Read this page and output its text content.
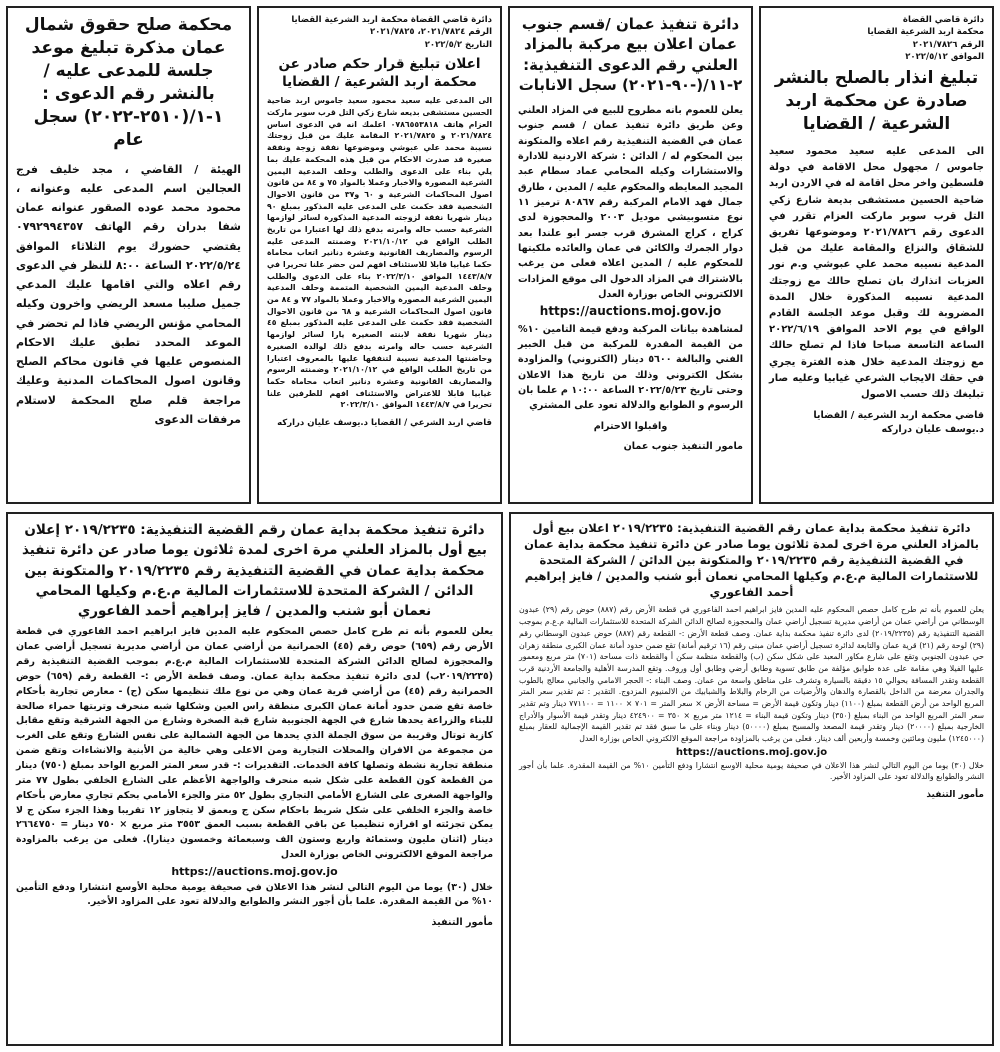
دائرة قاضي القضاة
محكمة اربد الشرعية القضايا
الرقم ٢٠٢١/٧٨٢٦
الموافق ٢٠٢٢/٥/١٢
تبليغ انذار بالصلح بالنشر صادرة عن محكمة اربد الشرعية / القضايا
الى المدعى عليه سعيد محمود سعيد جاموس / مجهول محل الاقامة في دولة فلسطين واخر محل اقامة له في الاردن اربد ضاحية الحسين مستشفى بديعة شارع زكي التل قرب سوبر ماركت العزام تقرر في الدعوى رقم ٢٠٢١/٧٨٢٦ وموضوعها تفريق للشقاق والنزاع والمقامة عليك من قبل المدعية نسيبه محمد علي عبوشي و.م نور العزبات انذارك بان تصلح حالك مع زوجتك المدعية نسيبه المذكورة خلال المدة المضروبة لك وقبل موعد الجلسة القادم الواقع في يوم الاحد الموافق ٢٠٢٢/٦/١٩ الساعة التاسعة صباحا فاذا لم تصلح حالك مع زوجتك المدعية خلال هذه الفترة يجري في حقك الايجاب الشرعي غيابيا وعليه صار تبليغك ذلك حسب الاصول
قاضي محكمة اربد الشرعية / القضايا
د.يوسف عليان دراركه
دائرة تنفيذ عمان /قسم جنوب عمان اعلان بيع مركبة بالمزاد العلني رقم الدعوى التنفيذية: ٢-١١/(-٩٠-٢٠٢١) سجل الانابات
يعلن للعموم بانه مطروح للبيع في المزاد العلني وعن طريق دائرة تنفيذ عمان / قسم جنوب عمان في القضية التنفيذية رقم اعلاه والمتكونة بين المحكوم له / الدائن : شركة الاردنية للادارة والاستشارات وكيله المحامي عماد سطام عبد المجيد المعايطه والمحكوم عليه / المدين ، طارق جمال فهد الامام المركبة رقم ٨٠٨٦٧ ترميز ١١ نوع متسوبيشي موديل ٢٠٠٣ والمحجوزة لدى كراج ، كراج المشرق قرب جسر ابو علندا بعد دوار الجمرك والكائن في عمان والعائده ملكيتها للمحكوم عليه / المدين اعلاه فعلى من يرغب بالاشتراك في المزاد الدخول الى موقع المزادات الالكتروني الخاص بوزارة العدل
https://auctions.moj.gov.jo
لمشاهدة بيانات المركبة ودفع قيمة التامين ١٠% من القيمة المقدرة للمركبة من قبل الخبير الفني والبالغة ٥٦٠٠ دينار (الكتروني) والمزاودة بشكل الكتروني وذلك من تاريخ هذا الاعلان وحتى تاريخ ٢٠٢٢/٥/٢٣ الساعة ١٠:٠٠ م علما بان الرسوم و الطوابع والدلالة تعود على المشتري
واقبلوا الاحترام
مامور التنفيذ جنوب عمان
دائرة قاضي القضاة محكمة اربد الشرعية القضايا
الرقم ٢٠٢١/٧٨٢٤، ٢٠٢١/٧٨٢٥
التاريخ ٢٠٢٢/٥/٢
اعلان تبليغ قرار حكم صادر عن محكمة اربد الشرعية / القضايا
الى المدعى عليه سعيد محمود سعيد جاموس اربد ضاحية الحسين مستشفى بديعه شارع زكي التل قرب سوبر ماركت العزام هاتف ٠٧٨٦٥٥٣٨١٨ اعلمك انه في الدعوى اساس ٢٠٢١/٧٨٢٤ و ٢٠٢١/٧٨٢٥ المقامة عليك من قبل زوجتك نسيبة محمد علي عبوشي وموضوعها نفقة زوجة ونفقة صغيرة قد صدرت الاحكام من قبل هذه المحكمة عليك بما يلي بناء على الدعوى والطلب وحلف المدعية اليمين الشرعية المصورة والاخبار وعملا بالمواد ٧٥ و ٨٤ من قانون اصول المحاكمات الشرعية و ٦٠ و٣٧ من قانون الاحوال الشخصية فقد حكمت على المدعى عليه المذكور بمبلغ ٩٠ دينار شهريا نفقة لزوجته المدعية المذكورة لسائر لوازمها الشرعية حسب حاله وامرته بدفع ذلك لها اعتبارا من تاريخ الطلب الواقع في ٢٠٢١/١٠/١٢ وضمنته المدعى عليه الرسوم والمصاريف القانونية وعشرة دنانير اتعاب محاماة حكما غيابيا قابلا للاستئناف افهم لمن حضر علنا تحريرا في ١٤٤٣/٨/٧ الموافق ٢٠٢٢/٣/١٠ بناء على الدعوى والطلب وحلف المدعية اليمين الشخصية المتممة وحلف المدعية اليمين الشرعية المصورة والاخبار وعملا بالمواد ٧٧ و ٨٤ من قانون اصول المحاكمات الشرعية و ٦٨ من قانون الاحوال الشخصية فقد حكمت على المدعى عليه المذكور بمبلغ ٤٥ دينار شهريا نفقة لابنته الصغيرة يارا لسائر لوازمها الشرعية حسب حاله وامرته بدفع ذلك لوالدة الصغيرة وحاضنتها المدعية نسيبة لتنفقها عليها بالمعروف اعتبارا من تاريخ الطلب الواقع في ٢٠٢١/١٠/١٢ وضمنته الرسوم والمصاريف القانونية وعشرة دنانير اتعاب محاماة حكما غيابيا قابلا للاعتراض والاستئناف افهم للطرفين علنا تحريرا في ١٤٤٣/٨/٧ الموافق ٢٠٢٢/٣/١٠
قاضي اربد الشرعي / القضايا د.يوسف عليان دراركه
محكمة صلح حقوق شمال عمان مذكرة تبليغ موعد جلسة للمدعى عليه / بالنشر رقم الدعوى : ١-١/(٢٥١٠-٢٠٢٢) سجل عام
الهيئة / القاضي ، مجد خليف فرج العجالين اسم المدعى عليه وعنوانه ، محمود محمد عوده الصقور عنوانه عمان شفا بدران رقم الهاتف ٠٧٩٢٩٩٤٣٥٧ يقتضي حضورك يوم الثلاثاء الموافق ٢٠٢٢/٥/٢٤ الساعة ٨:٠٠ للنظر في الدعوى رقم اعلاه والتي اقامها عليك المدعي جميل صليبا مسعد الريضي واخرون وكيله المحامي مؤنس الريضي فاذا لم تحضر في الموعد المحدد تطبق عليك الاحكام المنصوص عليها في قانون محاكم الصلح وقانون اصول المحاكمات المدنية وعليك مراجعة قلم صلح المحكمة لاستلام مرفقات الدعوى
دائرة تنفيذ محكمة بداية عمان رقم القضية التنفيذية: ٢٠١٩/٢٢٣٥ اعلان بيع أول بالمزاد العلني مرة اخرى لمدة ثلاثون يوما صادر عن دائرة تنفيذ محكمة بداية عمان في القضية التنفيذية رقم ٢٠١٩/٢٢٣٥ والمتكونة بين الدائن / الشركة المتحدة للاستثمارات المالية م.ع.م وكيلها المحامي نعمان أبو شنب والمدين / فايز إبراهيم أحمد الفاعوري
يعلن للعموم بأنه تم طرح كامل حصص المحكوم عليه المدين فايز ابراهيم احمد الفاعوري في قطعة الأرض رقم (٨٨٧) حوض رقم (٢٩) عبدون الوسطاني من أراضي عمان من أراضي مديرية تسجيل أراضي عمان والمحجوزة لصالح الدائن الشركة المتحدة للاستثمارات المالية م.ع.م بموجب القضية التنفيذية رقم (٢٠١٩/٢٢٣٥) لدى دائرة تنفيذ محكمة بداية عمان. وصف قطعة الأرض :- القطعة رقم (٨٨٧) حوض عبدون الوسطاني رقم (٢٩) لوحة رقم (٢١) قرية عمان والتابعة لدائرة تسجيل أراضي عمان مبنى رقم (١٦ ترقيم أمانة) تقع ضمن حدود أمانة عمان الكبرى منطقة زهران حي عبدون الجنوبي وتقع على شارع مكاور المعبد على شكل سكن (ب) والقطعة منظمة سكن أ والقطعة ذات مساحة (٧٠١) متر مربع ومعمور عليها الفيلا وهي مقامة على عدة طوابق مؤلفة من طابق تسوية وطابق أرضي وطابق أول وروف. وتقع المدرسة الأهلية والجامعة الأردنية قرب القطعة وتقدر المسافة بحوالي ١٥ دقيقة بالسيارة وتشرف على مناطق واسعة من عمان. وصف البناء :- الحجر الامامي والجانبي معالج بالطوب والجدران معرضة من الداخل بالقصارة والدهان والأرضيات من الرخام والبلاط والشبابيك من الالمنيوم المزدوج. التقدير : تم تقدير سعر المتر المربع الواحد من أرض القطعة بمبلغ (١١٠٠) دينار وتكون قيمة الأرض = مساحة الأرض × سعر المتر = ٧٠١ × ١١٠٠ = ٧٧١١٠٠ دينار وتم تقدير سعر المتر المربع الواحد من البناء بمبلغ (٣٥٠) دينار وتكون قيمة البناء = ١٢١٤ متر مربع × ٣٥٠ = ٤٢٤٩٠٠ دينار وتقدر قيمة الأسوار والأدراج الخارجية بمبلغ (٢٠٠٠٠) دينار وتقدر قيمة المصعد والمسبح بمبلغ (٥٠٠٠٠) دينار وبناء على ما سبق فقد تم تقدير القيمة الإجمالية للعقار بمبلغ (١٢٤٥٠٠٠) مليون ومائتين وخمسة وأربعين ألف دينار. فعلى من يرغب بالمزاودة مراجعة الموقع الالكتروني الخاص بوزارة العدل
https://auctions.moj.gov.jo
خلال (٣٠) يوما من اليوم التالي لنشر هذا الاعلان في صحيفة يومية محلية الاوسع انتشارا ودفع التأمين ١٠% من القيمة المقدرة. علما بأن أجور النشر والطوابع والدلالة تعود على المزاود الأخير.
مأمور التنفيذ
دائرة تنفيذ محكمة بداية عمان رقم القضية التنفيذية: ٢٠١٩/٢٢٣٥ إعلان بيع أول بالمزاد العلني مرة اخرى لمدة ثلاثون يوما صادر عن دائرة تنفيذ محكمة بداية عمان في القضية التنفيذية رقم ٢٠١٩/٢٢٣٥ والمتكونة بين الدائن / الشركة المتحدة للاستثمارات المالية م.ع.م وكيلها المحامي نعمان أبو شنب والمدين / فايز إبراهيم أحمد الفاعوري
يعلن للعموم بأنه تم طرح كامل حصص المحكوم عليه المدين فايز ابراهيم احمد الفاعوري في قطعة الأرض رقم (٦٥٩) حوض رقم (٤٥) الحمرانية من أراضي عمان من أراضي مديرية تسجيل أراضي عمان والمحجوزة لصالح الدائن الشركة المتحدة للاستثمارات المالية م.ع.م بموجب القضية التنفيذية رقم (٢٠١٩/٢٢٣٥ب) لدى دائرة تنفيذ محكمة بداية عمان. وصف قطعة الأرض :- القطعة رقم (٦٥٩) حوض الحمرانية رقم (٤٥) من أراضي قرية عمان وهي من نوع ملك تنظيمها سكن (ج) - معارض تجارية بأحكام خاصة تقع ضمن حدود أمانة عمان الكبرى منطقة راس العين وشكلها شبه منحرف وتربتها حمراء صالحة للبناء والزراعة يحدها شارع في الجهة الجنوبية شارع قبة الصخرة وشارع من الجهة الشرقية وتقع مقابل كازية توتال وقريبة من سوق الجملة الذي يحدها من الجهة الشمالية على نفس الشارع وتقع على الغرب من مجموعة من الافران والمحلات التجارية ومن الاعلى وهي خالية من الأبنية والانشاءات وتقع ضمن منطقة تجارية نشطة وتصلها كافة الخدمات. التقديرات :- قدر سعر المتر المربع الواحد بمبلغ (٧٥٠) دينار من القطعة كون القطعة على شكل شبه منحرف والواجهة الأعظم على الشارع الخلفي بطول ٧٧ متر والواجهة الصغرى على الشارع الأمامي التجاري بطول ٥٢ متر والجزء الأمامي بحكم تجاري معارض بأحكام خاصة والجزء الخلفي على شكل شريط باحكام سكن ج وبعمق لا يتجاوز ١٢ تقريبا وهذا الجزء سكن ج لا يمكن تجزئته او افرازه تنظيميا عن باقي القطعة بسبب العمق ٣٥٥٣ متر مربع × ٧٥٠ دينار = ٢٦٦٤٧٥٠ دينار (اثنان مليون وستمائة واربع وستون الف وسبعمائة وخمسون دينارا). فعلى من يرغب بالمزاودة مراجعة الموقع الالكتروني الخاص بوزارة العدل
https://auctions.moj.gov.jo
خلال (٣٠) يوما من اليوم التالي لنشر هذا الاعلان في صحيفة يومية محلية الأوسع انتشارا ودفع التأمين ١٠% من القيمة المقدرة. علما بأن أجور النشر والطوابع والدلالة تعود على المزاود الأخير.
مأمور التنفيذ
